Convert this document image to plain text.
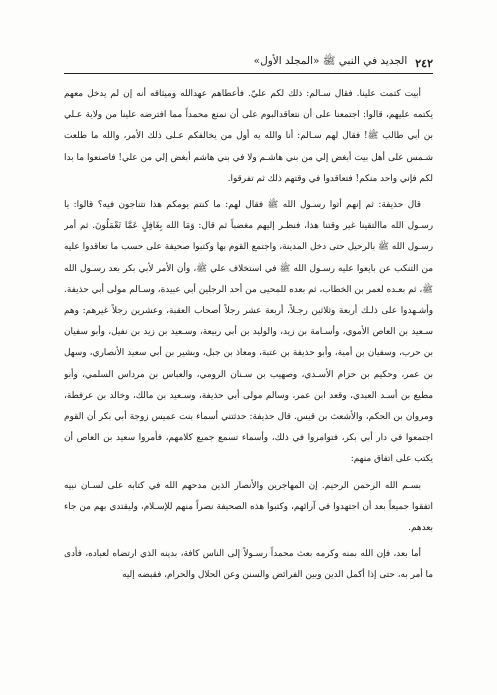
٢٤٢
الجديد في النبي ﷺ «المجلد الأول»

أبيت كتمت علينا. فقال سـالم: ذلك لكم عليّ. فأعطاهم عهدالله وميثاقه أنه إن لم يدخل معهم يكتمه عليهم، قالوا: اجتمعنا على أن نتعاقدالبوم على أن نمنع محمداً مما افترضه علينا من ولاية عـلي بن أبي طالب ﷺ! فقال لهم سـالم: أنا والله يه أول من يخالفكم عـلى ذلك الأمر، والله ما طلعت شـمس على أهل بيت أبغض إلي من بني هاشـم ولا في بني هاشم أبغض إلي من علي! فاصنعوا ما بدا لكم فإني واحد منكم! فتعاقدوا في وقتهم ذلك ثم تفرقوا.

قال حذيفة: ثم إنهم أتوا رسـول الله ﷺ فقال لهم: ما كنتم يومكم هذا تتناجون فيه؟ قالوا: يا رسـول الله ماالتقينا غير وقتنا هذا، فنظـر إليهم مغضباً ثم قال: وَمَا الله بِغَافِلٍ عَمَّا تَعْمَلُونَ. ثم أمر رسـول الله ﷺ بالرحيل حتى دخل المدينة، واجتمع القوم بها وكتبوا صحيفة على حسب ما تعاقدوا عليه من التنكب عن بايعوا عليه رسـول الله ﷺ في استخلاف علي ﷺ، وأن الأمر لأبي بكر بعد رسـول الله ﷺ، ثم بعـده لعمر بن الخطاب، ثم بعده للمحيى من أحد الرجلين أبي عبيدة، وسـالم مولى أبي حذيفة. وأشـهدوا على ذلـك أربعة وثلاثين رجـلاً، أربعة عشر رجلاً أصحاب العقبة، وعشرين رجلاً غيرهم: وهم سـعيد بن العاص الأموي، وأسـامة بن زيد، والوليد بن أبي ربيعة، وسـعيد بن زيد بن نفيل، وأبو سفيان بن حرب، وسفيان بن أمية، وأبو حذيفة بن عتبة، ومعاذ بن جبل، وبشير بن أبي سعيد الأنصاري، وسهل بن عمر، وحكيم بن حزام الأسـدي، وصهيب بن سـنان الرومي، والعباس بن مرداس السلمي، وأبو مطيع بن أسـد العبدي، وقعد ابن عمر، وسالم مولى أبي حذيفة، وسـعيد بن مالك، وخالد بن عرفطة، ومروان بن الحكم، والأشعث بن قيس. قال حذيفة: حدثتني أسماء بنت عميس زوجة أبي بكر أن القوم اجتمعوا في دار أبي بكر، فتوامروا في ذلك، وأسماء تسمع جميع كلامهم، فأمروا سعيد بن العاص أن يكتب على اتفاق منهم:

بسـم الله الرحمن الرحيم. إن المهاجرين والأنصار الذين مدحهم الله في كتابه على لسـان نبيه اتفقوا جميعاً بعد أن اجتهدوا في آرائهم، وكتبوا هذه الصحيفة نصراً منهم للإسـلام، وليقتدي بهم من جاء بعدهم.

أما بعد، فإن الله بمنه وكرمه بعث محمداً رسـولاً إلى الناس كافة، بدينه الذي ارتضاه لعباده، فأدى ما أمر به، حتى إذا أكمل الدين وبين الفرائض والسنن وعن الحلال والحرام، فقبضه إليه
